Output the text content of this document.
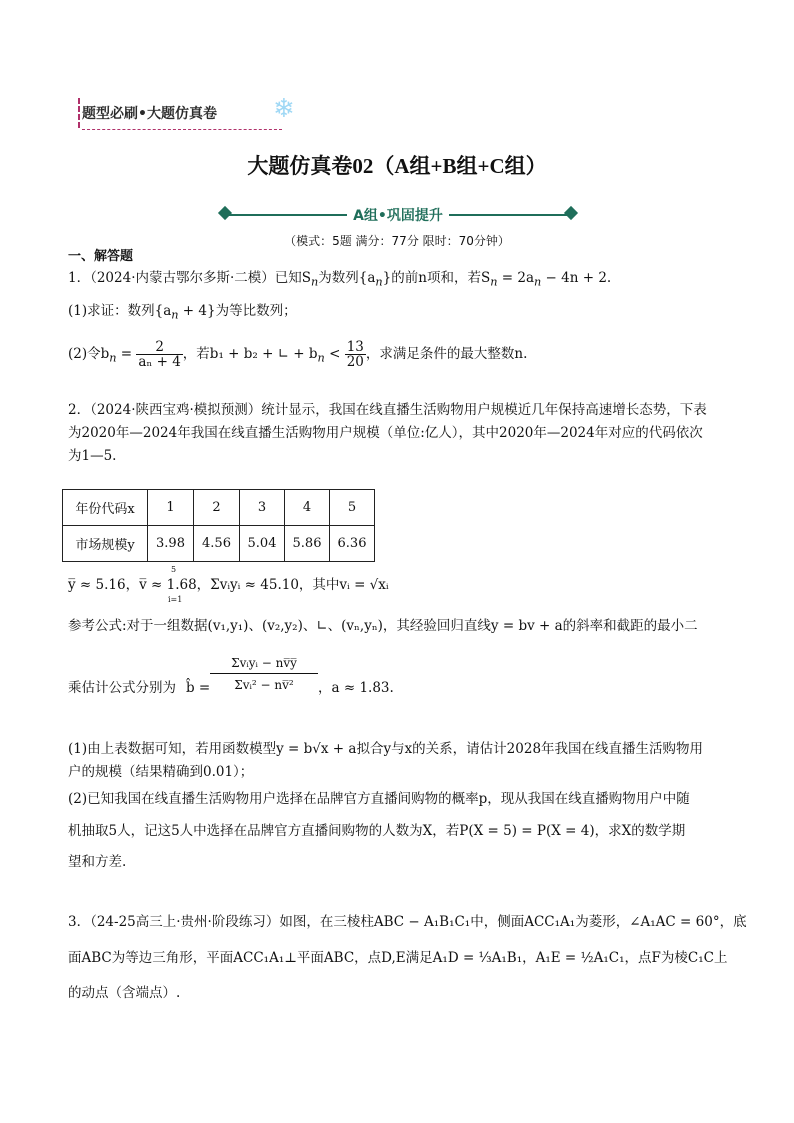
题型必刷•大题仿真卷 ❄
大题仿真卷02（A组+B组+C组）
A组•巩固提升
（模式：5题 满分：77分 限时：70分钟）
一、解答题
1．（2024·内蒙古鄂尔多斯·二模）已知$S_n$为数列$\{a_n\}$的前n项和，若$S_n = 2a_n - 4n + 2$.
(1)求证：数列$\{a_n + 4\}$为等比数列；
(2)令$b_n = \frac{2}{\text{aₙ + 4}}$ ，若b₁ + b₂ + ∟ + $b_n < \frac{13}{20}$ ，求满足条件的最大整数n.
2．（2024·陕西宝鸡·模拟预测）统计显示，我国在线直播生活购物用户规模近几年保持高速增长态势，下表
为2020年—2024年我国在线直播生活购物用户规模（单位:亿人），其中2020年—2024年对应的代码依次
为1—5.
年份代码x	1	2	3	4	5
市场规模y	3.98	4.56	5.04	5.86	6.36
5
i=1
y̅ ≈ 5.16，v̅ ≈ 1.68，Σvᵢyᵢ ≈ 45.10，其中vᵢ = √xᵢ
参考公式:对于一组数据(v₁,y₁)、(v₂,y₂)、∟、(vₙ,yₙ)，其经验回归直线y = bv + a的斜率和截距的最小二
乘估计公式分别为 b̂ =
Σvᵢyᵢ − nv̅y̅
Σvᵢ² − nv̅²	，a ≈ 1.83.
(1)由上表数据可知，若用函数模型y = b√x + a拟合y与x的关系，请估计2028年我国在线直播生活购物用
户的规模（结果精确到0.01）；
(2)已知我国在线直播生活购物用户选择在品牌官方直播间购物的概率p，现从我国在线直播购物用户中随
机抽取5人，记这5人中选择在品牌官方直播间购物的人数为X，若P(X = 5) = P(X = 4)，求X的数学期
望和方差.
3．（24-25高三上·贵州·阶段练习）如图，在三棱柱ABC − A₁B₁C₁中，侧面ACC₁A₁为菱形，∠A₁AC = 60°，底
面ABC为等边三角形，平面ACC₁A₁⊥平面ABC，点D,E满足A₁D = ⅓A₁B₁，A₁E = ½A₁C₁，点F为棱C₁C上
的动点（含端点）.
